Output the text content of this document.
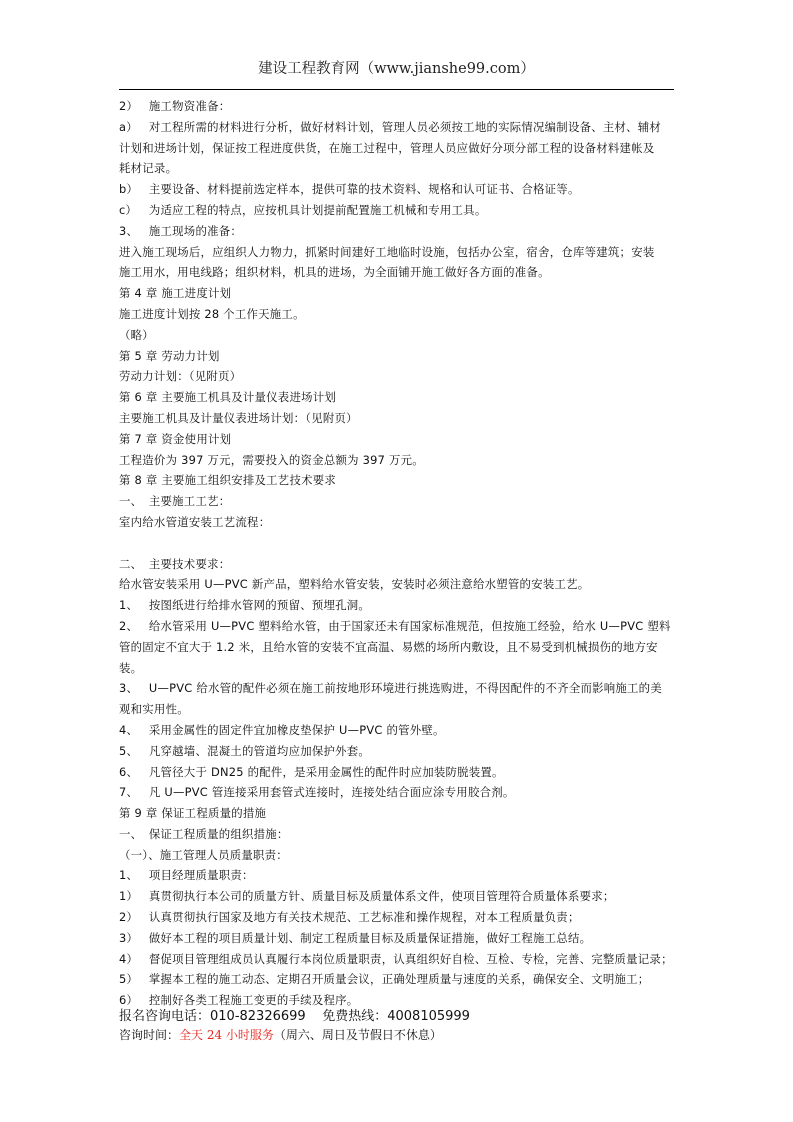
建设工程教育网（www.jianshe99.com）
2） 施工物资准备：
a） 对工程所需的材料进行分析，做好材料计划，管理人员必须按工地的实际情况编制设备、主材、辅材
计划和进场计划，保证按工程进度供货，在施工过程中，管理人员应做好分项分部工程的设备材料建帐及
耗材记录。
b） 主要设备、材料提前选定样本，提供可靠的技术资料、规格和认可证书、合格证等。
c） 为适应工程的特点，应按机具计划提前配置施工机械和专用工具。
3、 施工现场的准备：
进入施工现场后，应组织人力物力，抓紧时间建好工地临时设施，包括办公室，宿舍，仓库等建筑；安装
施工用水，用电线路；组织材料，机具的进场，为全面铺开施工做好各方面的准备。
第 4 章 施工进度计划
施工进度计划按 28 个工作天施工。
（略）
第 5 章 劳动力计划
劳动力计划：（见附页）
第 6 章 主要施工机具及计量仪表进场计划
主要施工机具及计量仪表进场计划：（见附页）
第 7 章 资金使用计划
工程造价为 397 万元，需要投入的资金总额为 397 万元。
第 8 章 主要施工组织安排及工艺技术要求
一、 主要施工工艺：
室内给水管道安装工艺流程：
二、 主要技术要求：
给水管安装采用 U—PVC 新产品，塑料给水管安装，安装时必须注意给水塑管的安装工艺。
1、 按图纸进行给排水管网的预留、预埋孔洞。
2、 给水管采用 U—PVC 塑料给水管，由于国家还未有国家标准规范，但按施工经验，给水 U—PVC 塑料
管的固定不宜大于 1.2 米，且给水管的安装不宜高温、易燃的场所内敷设，且不易受到机械损伤的地方安
装。
3、 U—PVC 给水管的配件必须在施工前按地形环境进行挑选购进，不得因配件的不齐全而影响施工的美
观和实用性。
4、 采用金属性的固定件宜加橡皮垫保护 U—PVC 的管外壁。
5、 凡穿越墙、混凝土的管道均应加保护外套。
6、 凡管径大于 DN25 的配件，是采用金属性的配件时应加装防脱装置。
7、 凡 U—PVC 管连接采用套管式连接时，连接处结合面应涂专用胶合剂。
第 9 章 保证工程质量的措施
一、 保证工程质量的组织措施：
（一）、施工管理人员质量职责：
1、 项目经理质量职责：
1） 真贯彻执行本公司的质量方针、质量目标及质量体系文件，使项目管理符合质量体系要求；
2） 认真贯彻执行国家及地方有关技术规范、工艺标准和操作规程，对本工程质量负责；
3） 做好本工程的项目质量计划、制定工程质量目标及质量保证措施，做好工程施工总结。
4） 督促项目管理组成员认真履行本岗位质量职责，认真组织好自检、互检、专检，完善、完整质量记录；
5） 掌握本工程的施工动态、定期召开质量会议，正确处理质量与速度的关系，确保安全、文明施工；
6） 控制好各类工程施工变更的手续及程序。
报名咨询电话：010-82326699 免费热线：4008105999
咨询时间：全天 24 小时服务（周六、周日及节假日不休息）
